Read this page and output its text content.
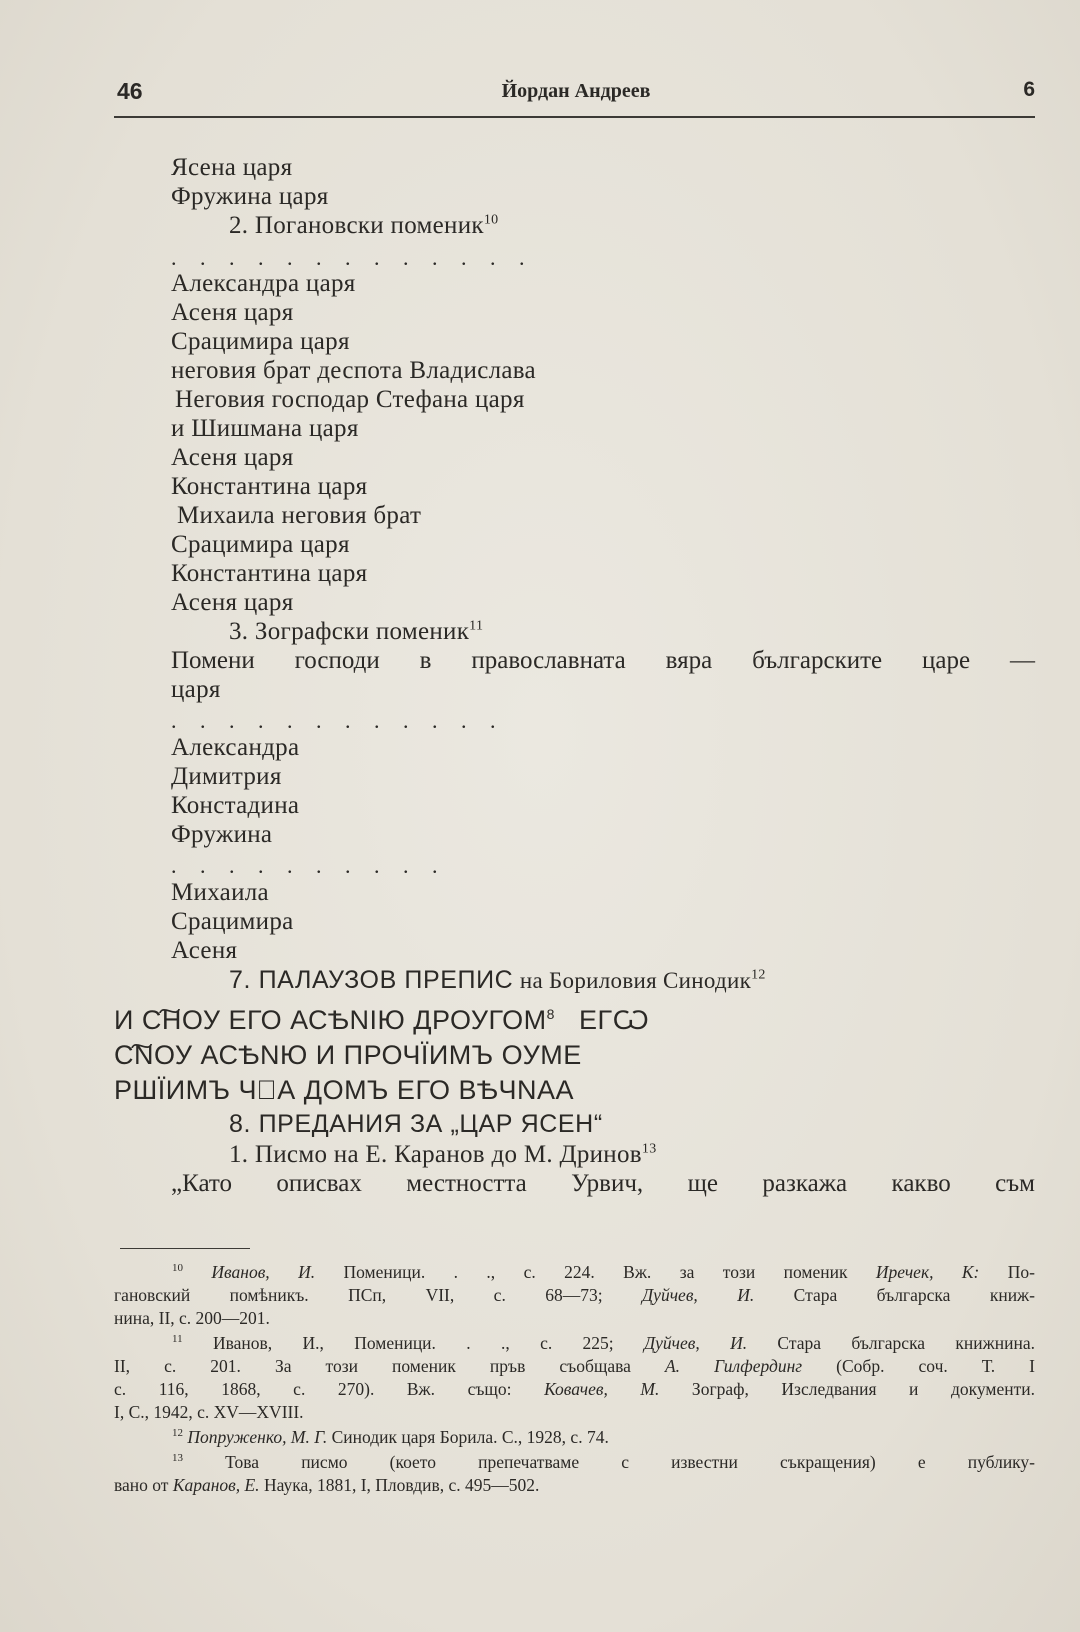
46	Йордан Андреев	6
Ясена царя
Фружина царя
2. Погановски поменик$^{10}$
. . . . . . . . . . . . .
Александра царя
Асеня царя
Срацимира царя
неговия брат деспота Владислава
Неговия господар Стефана царя
и Шишмана царя
Асеня царя
Константина царя
Михаила неговия брат
Срацимира царя
Константина царя
Асеня царя
3. Зографски поменик$^{11}$
Помени господи в православната вяра българските царе —
царя
. . . . . . . . . . . .
Александра
Димитрия
Констадина
Фружина
. . . . . . . . . .
Михаила
Срацимира
Асеня
7. ПАЛАУЗОВ ПРЕПИС на Бориловия Синодик$^{12}$
И С͠НОУ ЕГО АСѢNІЮ ДРОУГОМ$^8$ ЕГѠ
С͠NОУ АСѢNЮ И ПРОЧЇИМЪ ОУМЕ
РШЇИМЪ ЧⷧА ДОМЪ ЕГО ВѢЧNАА
8. ПРЕДАНИЯ ЗА „ЦАР ЯСЕН“
1. Писмо на Е. Каранов до М. Дринов$^{13}$
„Като описвах местността Урвич, ще разкажа какво съм
$^{10}$ Иванов, И. Поменици. . ., с. 224. Вж. за този поменик Иречек, К: По-
гановский помѣникъ. ПСп, VII, с. 68—73; Дуйчев, И. Стара българска книж-
нина, II, с. 200—201.
$^{11}$ Иванов, И., Поменици. . ., с. 225; Дуйчев, И. Стара българска книжнина.
II, с. 201. За този поменик пръв съобщава А. Гилфердинг (Собр. соч. Т. I
с. 116, 1868, с. 270). Вж. също: Ковачев, М. Зограф, Изследвания и документи.
I, С., 1942, с. XV—XVIII.
$^{12}$ Попруженко, М. Г. Синодик царя Борила. С., 1928, с. 74.
$^{13}$ Това писмо (което препечатваме с известни съкращения) е публику-
вано от Каранов, Е. Наука, 1881, I, Пловдив, с. 495—502.
